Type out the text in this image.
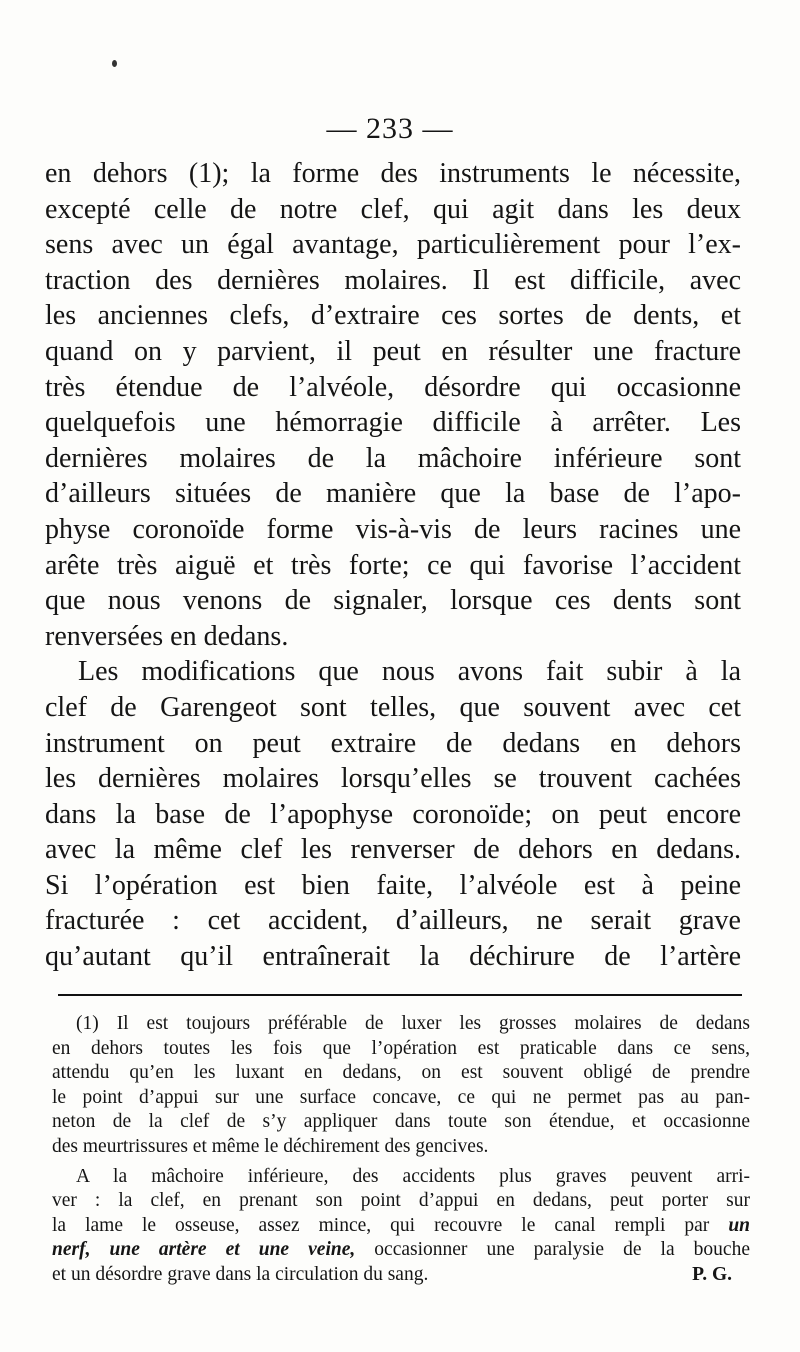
— 233 —
en dehors (1); la forme des instruments le nécessite,
excepté celle de notre clef, qui agit dans les deux
sens avec un égal avantage, particulièrement pour l’ex-
traction des dernières molaires. Il est difficile, avec
les anciennes clefs, d’extraire ces sortes de dents, et
quand on y parvient, il peut en résulter une fracture
très étendue de l’alvéole, désordre qui occasionne
quelquefois une hémorragie difficile à arrêter. Les
dernières molaires de la mâchoire inférieure sont
d’ailleurs situées de manière que la base de l’apo-
physe coronoïde forme vis-à-vis de leurs racines une
arête très aiguë et très forte; ce qui favorise l’accident
que nous venons de signaler, lorsque ces dents sont
renversées en dedans.
Les modifications que nous avons fait subir à la
clef de Garengeot sont telles, que souvent avec cet
instrument on peut extraire de dedans en dehors
les dernières molaires lorsqu’elles se trouvent cachées
dans la base de l’apophyse coronoïde; on peut encore
avec la même clef les renverser de dehors en dedans.
Si l’opération est bien faite, l’alvéole est à peine
fracturée : cet accident, d’ailleurs, ne serait grave
qu’autant qu’il entraînerait la déchirure de l’artère
(1) Il est toujours préférable de luxer les grosses molaires de dedans
en dehors toutes les fois que l’opération est praticable dans ce sens,
attendu qu’en les luxant en dedans, on est souvent obligé de prendre
le point d’appui sur une surface concave, ce qui ne permet pas au pan-
neton de la clef de s’y appliquer dans toute son étendue, et occasionne
des meurtrissures et même le déchirement des gencives.
A la mâchoire inférieure, des accidents plus graves peuvent arri-
ver : la clef, en prenant son point d’appui en dedans, peut porter sur
la lame le osseuse, assez mince, qui recouvre le canal rempli par un
nerf, une artère et une veine, occasionner une paralysie de la bouche
et un désordre grave dans la circulation du sang.	P. G.
